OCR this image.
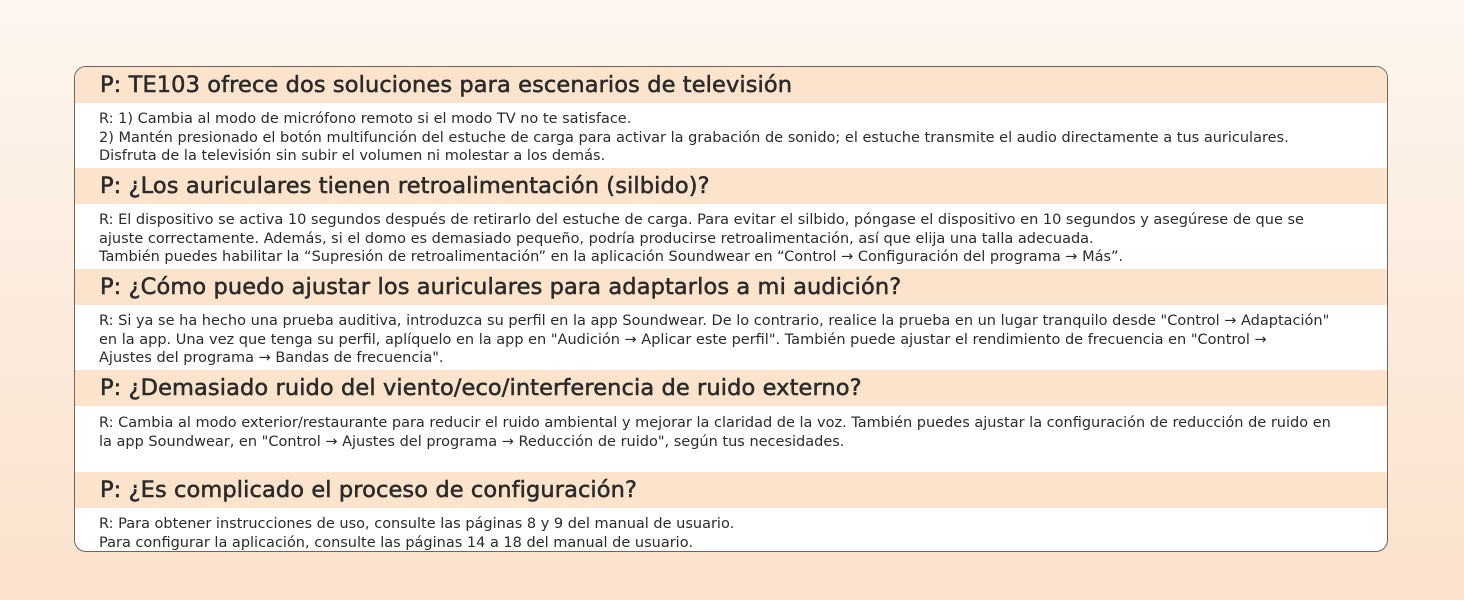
P: TE103 ofrece dos soluciones para escenarios de televisión
R: 1) Cambia al modo de micrófono remoto si el modo TV no te satisface.
2) Mantén presionado el botón multifunción del estuche de carga para activar la grabación de sonido; el estuche transmite el audio directamente a tus auriculares.
Disfruta de la televisión sin subir el volumen ni molestar a los demás.
P: ¿Los auriculares tienen retroalimentación (silbido)?
R: El dispositivo se activa 10 segundos después de retirarlo del estuche de carga. Para evitar el silbido, póngase el dispositivo en 10 segundos y asegúrese de que se
ajuste correctamente. Además, si el domo es demasiado pequeño, podría producirse retroalimentación, así que elija una talla adecuada.
También puedes habilitar la “Supresión de retroalimentación” en la aplicación Soundwear en “Control → Configuración del programa → Más”.
P: ¿Cómo puedo ajustar los auriculares para adaptarlos a mi audición?
R: Si ya se ha hecho una prueba auditiva, introduzca su perfil en la app Soundwear. De lo contrario, realice la prueba en un lugar tranquilo desde "Control → Adaptación"
en la app. Una vez que tenga su perfil, aplíquelo en la app en "Audición → Aplicar este perfil". También puede ajustar el rendimiento de frecuencia en "Control →
Ajustes del programa → Bandas de frecuencia".
P: ¿Demasiado ruido del viento/eco/interferencia de ruido externo?
R: Cambia al modo exterior/restaurante para reducir el ruido ambiental y mejorar la claridad de la voz. También puedes ajustar la configuración de reducción de ruido en
la app Soundwear, en "Control → Ajustes del programa → Reducción de ruido", según tus necesidades.
P: ¿Es complicado el proceso de configuración?
R: Para obtener instrucciones de uso, consulte las páginas 8 y 9 del manual de usuario.
Para configurar la aplicación, consulte las páginas 14 a 18 del manual de usuario.
